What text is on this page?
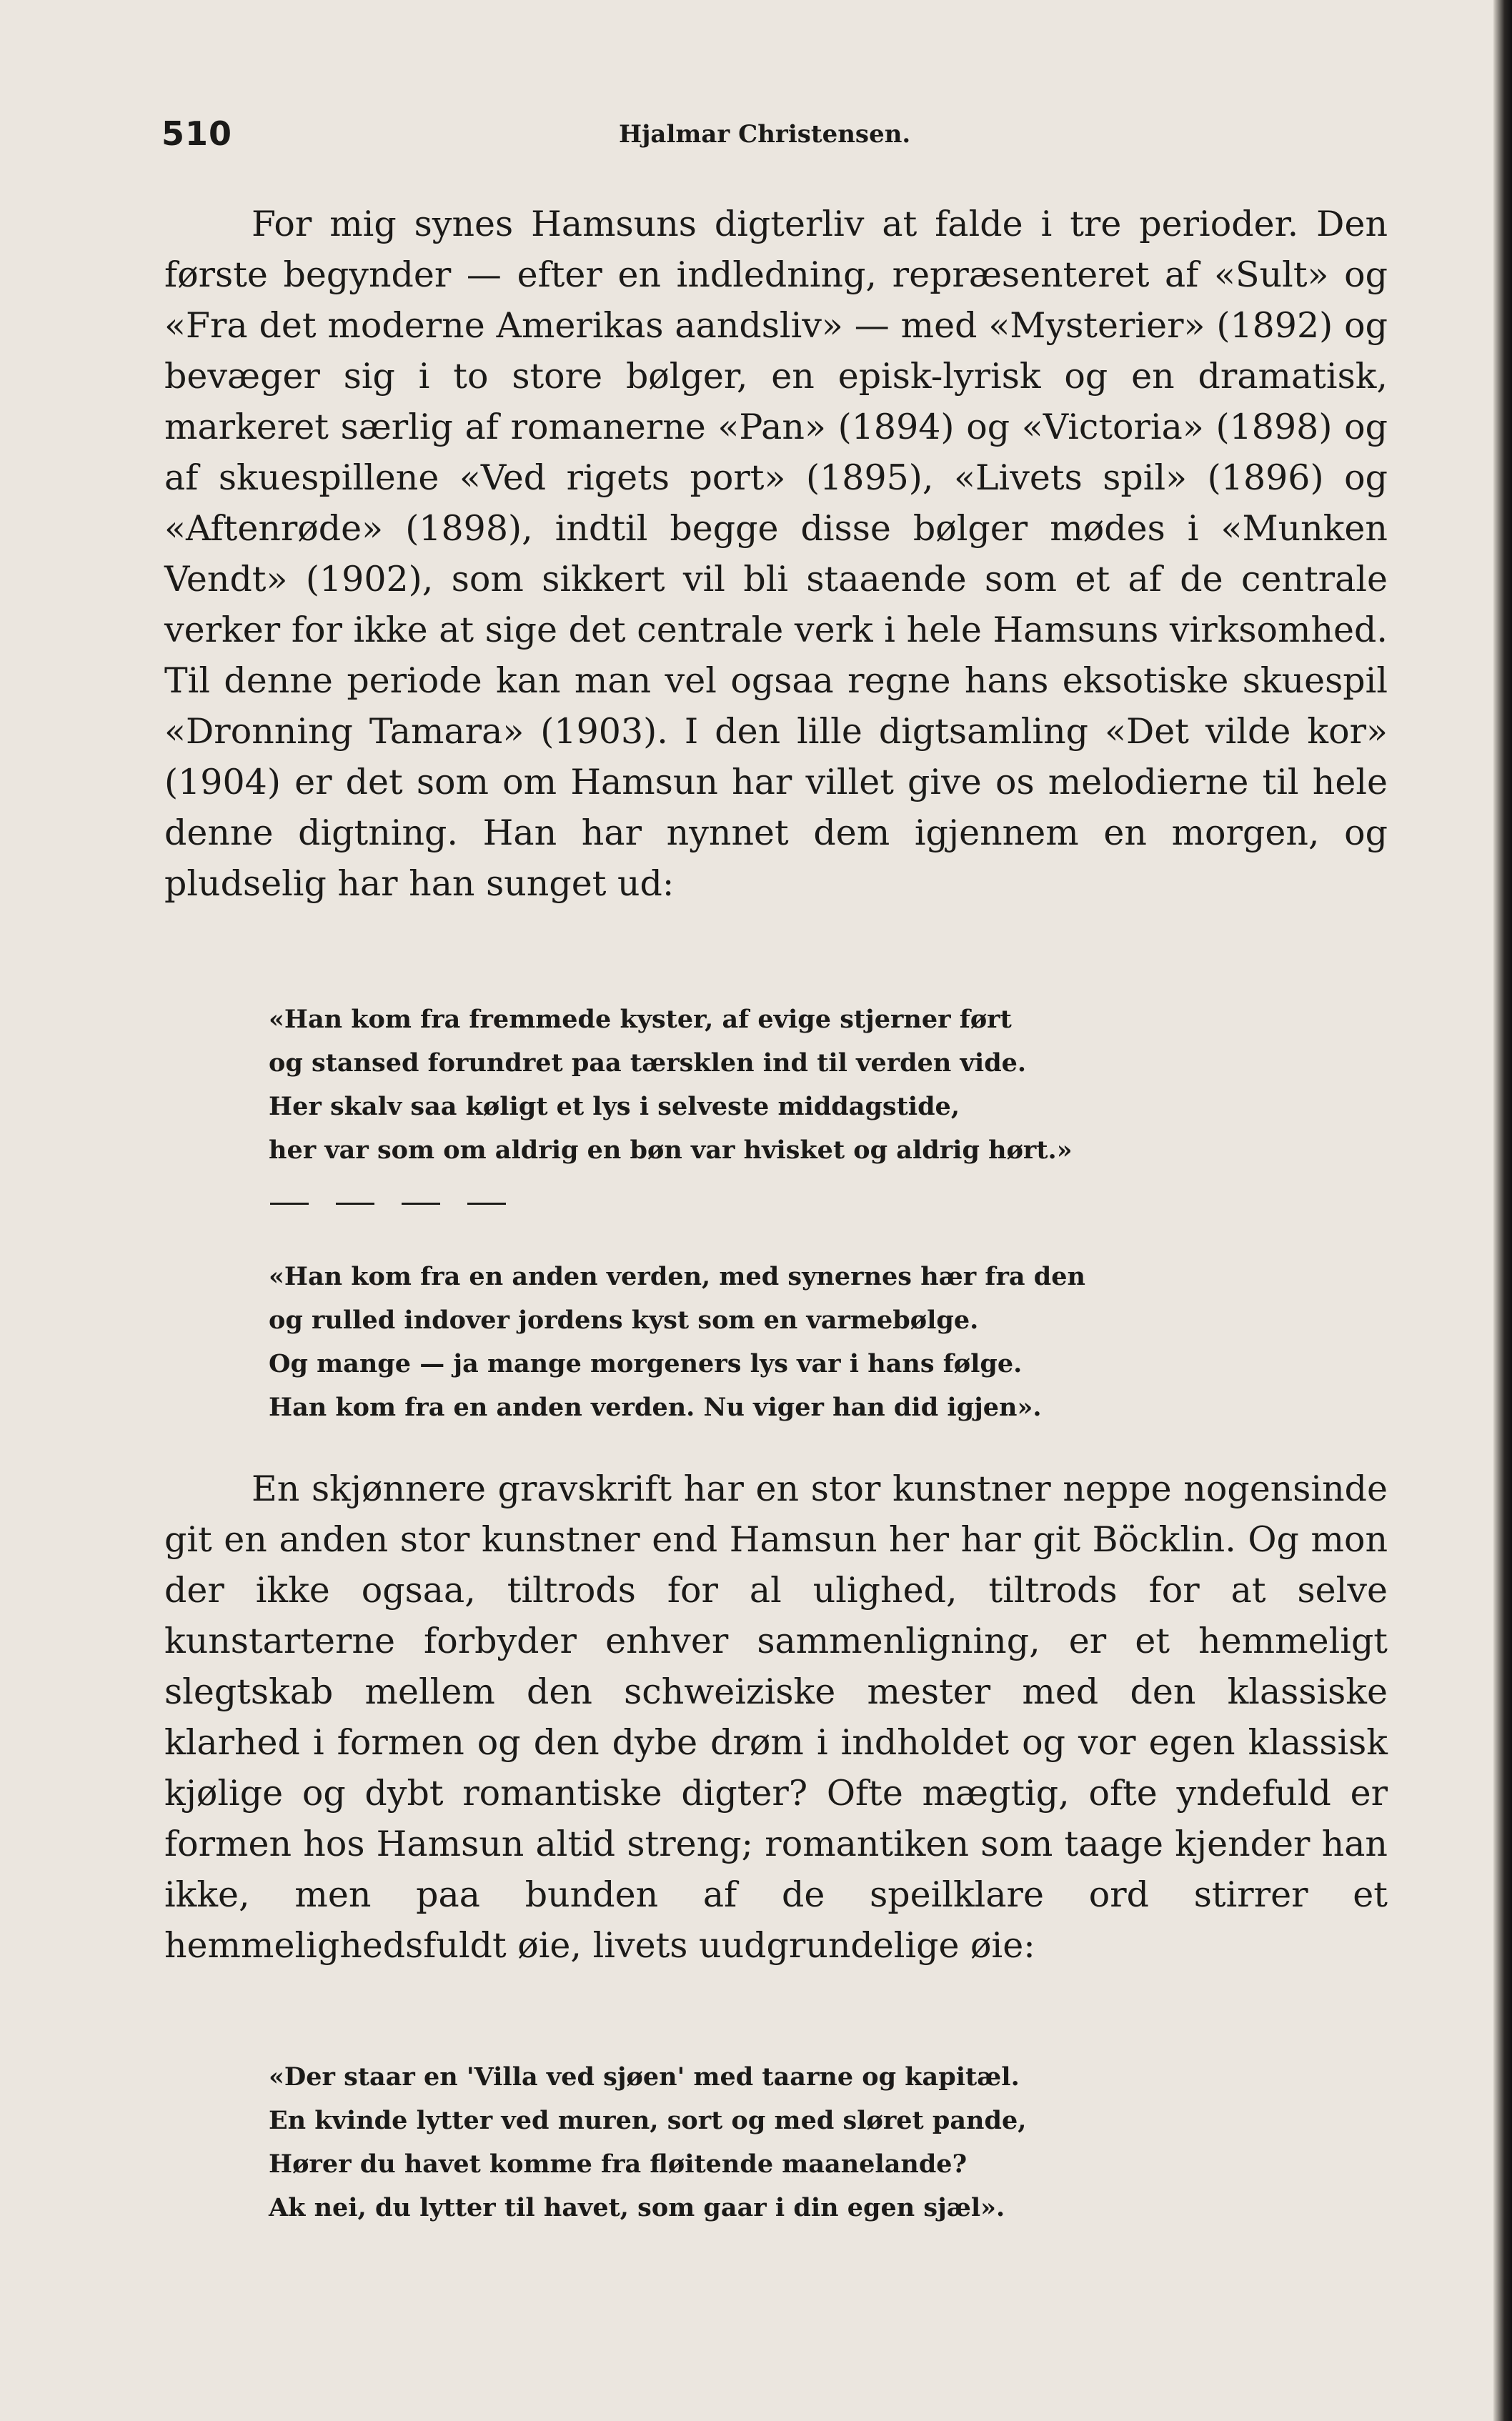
510	Hjalmar Christensen.

For mig synes Hamsuns digterliv at falde i tre perioder. Den første begynder — efter en indledning, repræsenteret af «Sult» og «Fra det moderne Amerikas aandsliv» — med «Mysterier» (1892) og bevæger sig i to store bølger, en episk-lyrisk og en dramatisk, markeret særlig af romanerne «Pan» (1894) og «Victoria» (1898) og af skuespillene «Ved rigets port» (1895), «Livets spil» (1896) og «Aftenrøde» (1898), indtil begge disse bølger mødes i «Munken Vendt» (1902), som sikkert vil bli staaende som et af de centrale verker for ikke at sige det centrale verk i hele Hamsuns virksomhed. Til denne periode kan man vel ogsaa regne hans eksotiske skuespil «Dronning Tamara» (1903). I den lille digtsamling «Det vilde kor» (1904) er det som om Hamsun har villet give os melodierne til hele denne digtning. Han har nynnet dem igjennem en morgen, og pludselig har han sunget ud:

«Han kom fra fremmede kyster, af evige stjerner ført
og stansed forundret paa tærsklen ind til verden vide.
Her skalv saa køligt et lys i selveste middagstide,
her var som om aldrig en bøn var hvisket og aldrig hørt.»
«Han kom fra en anden verden, med synernes hær fra den
og rulled indover jordens kyst som en varmebølge.
Og mange — ja mange morgeners lys var i hans følge.
Han kom fra en anden verden. Nu viger han did igjen».

En skjønnere gravskrift har en stor kunstner neppe nogensinde git en anden stor kunstner end Hamsun her har git Böcklin. Og mon der ikke ogsaa, tiltrods for al ulighed, tiltrods for at selve kunstarterne forbyder enhver sammenligning, er et hemmeligt slegtskab mellem den schweiziske mester med den klassiske klarhed i formen og den dybe drøm i indholdet og vor egen klassisk kjølige og dybt romantiske digter? Ofte mægtig, ofte yndefuld er formen hos Hamsun altid streng; romantiken som taage kjender han ikke, men paa bunden af de speilklare ord stirrer et hemmelighedsfuldt øie, livets uudgrundelige øie:

«Der staar en 'Villa ved sjøen' med taarne og kapitæl.
En kvinde lytter ved muren, sort og med sløret pande,
Hører du havet komme fra fløitende maanelande?
Ak nei, du lytter til havet, som gaar i din egen sjæl».
